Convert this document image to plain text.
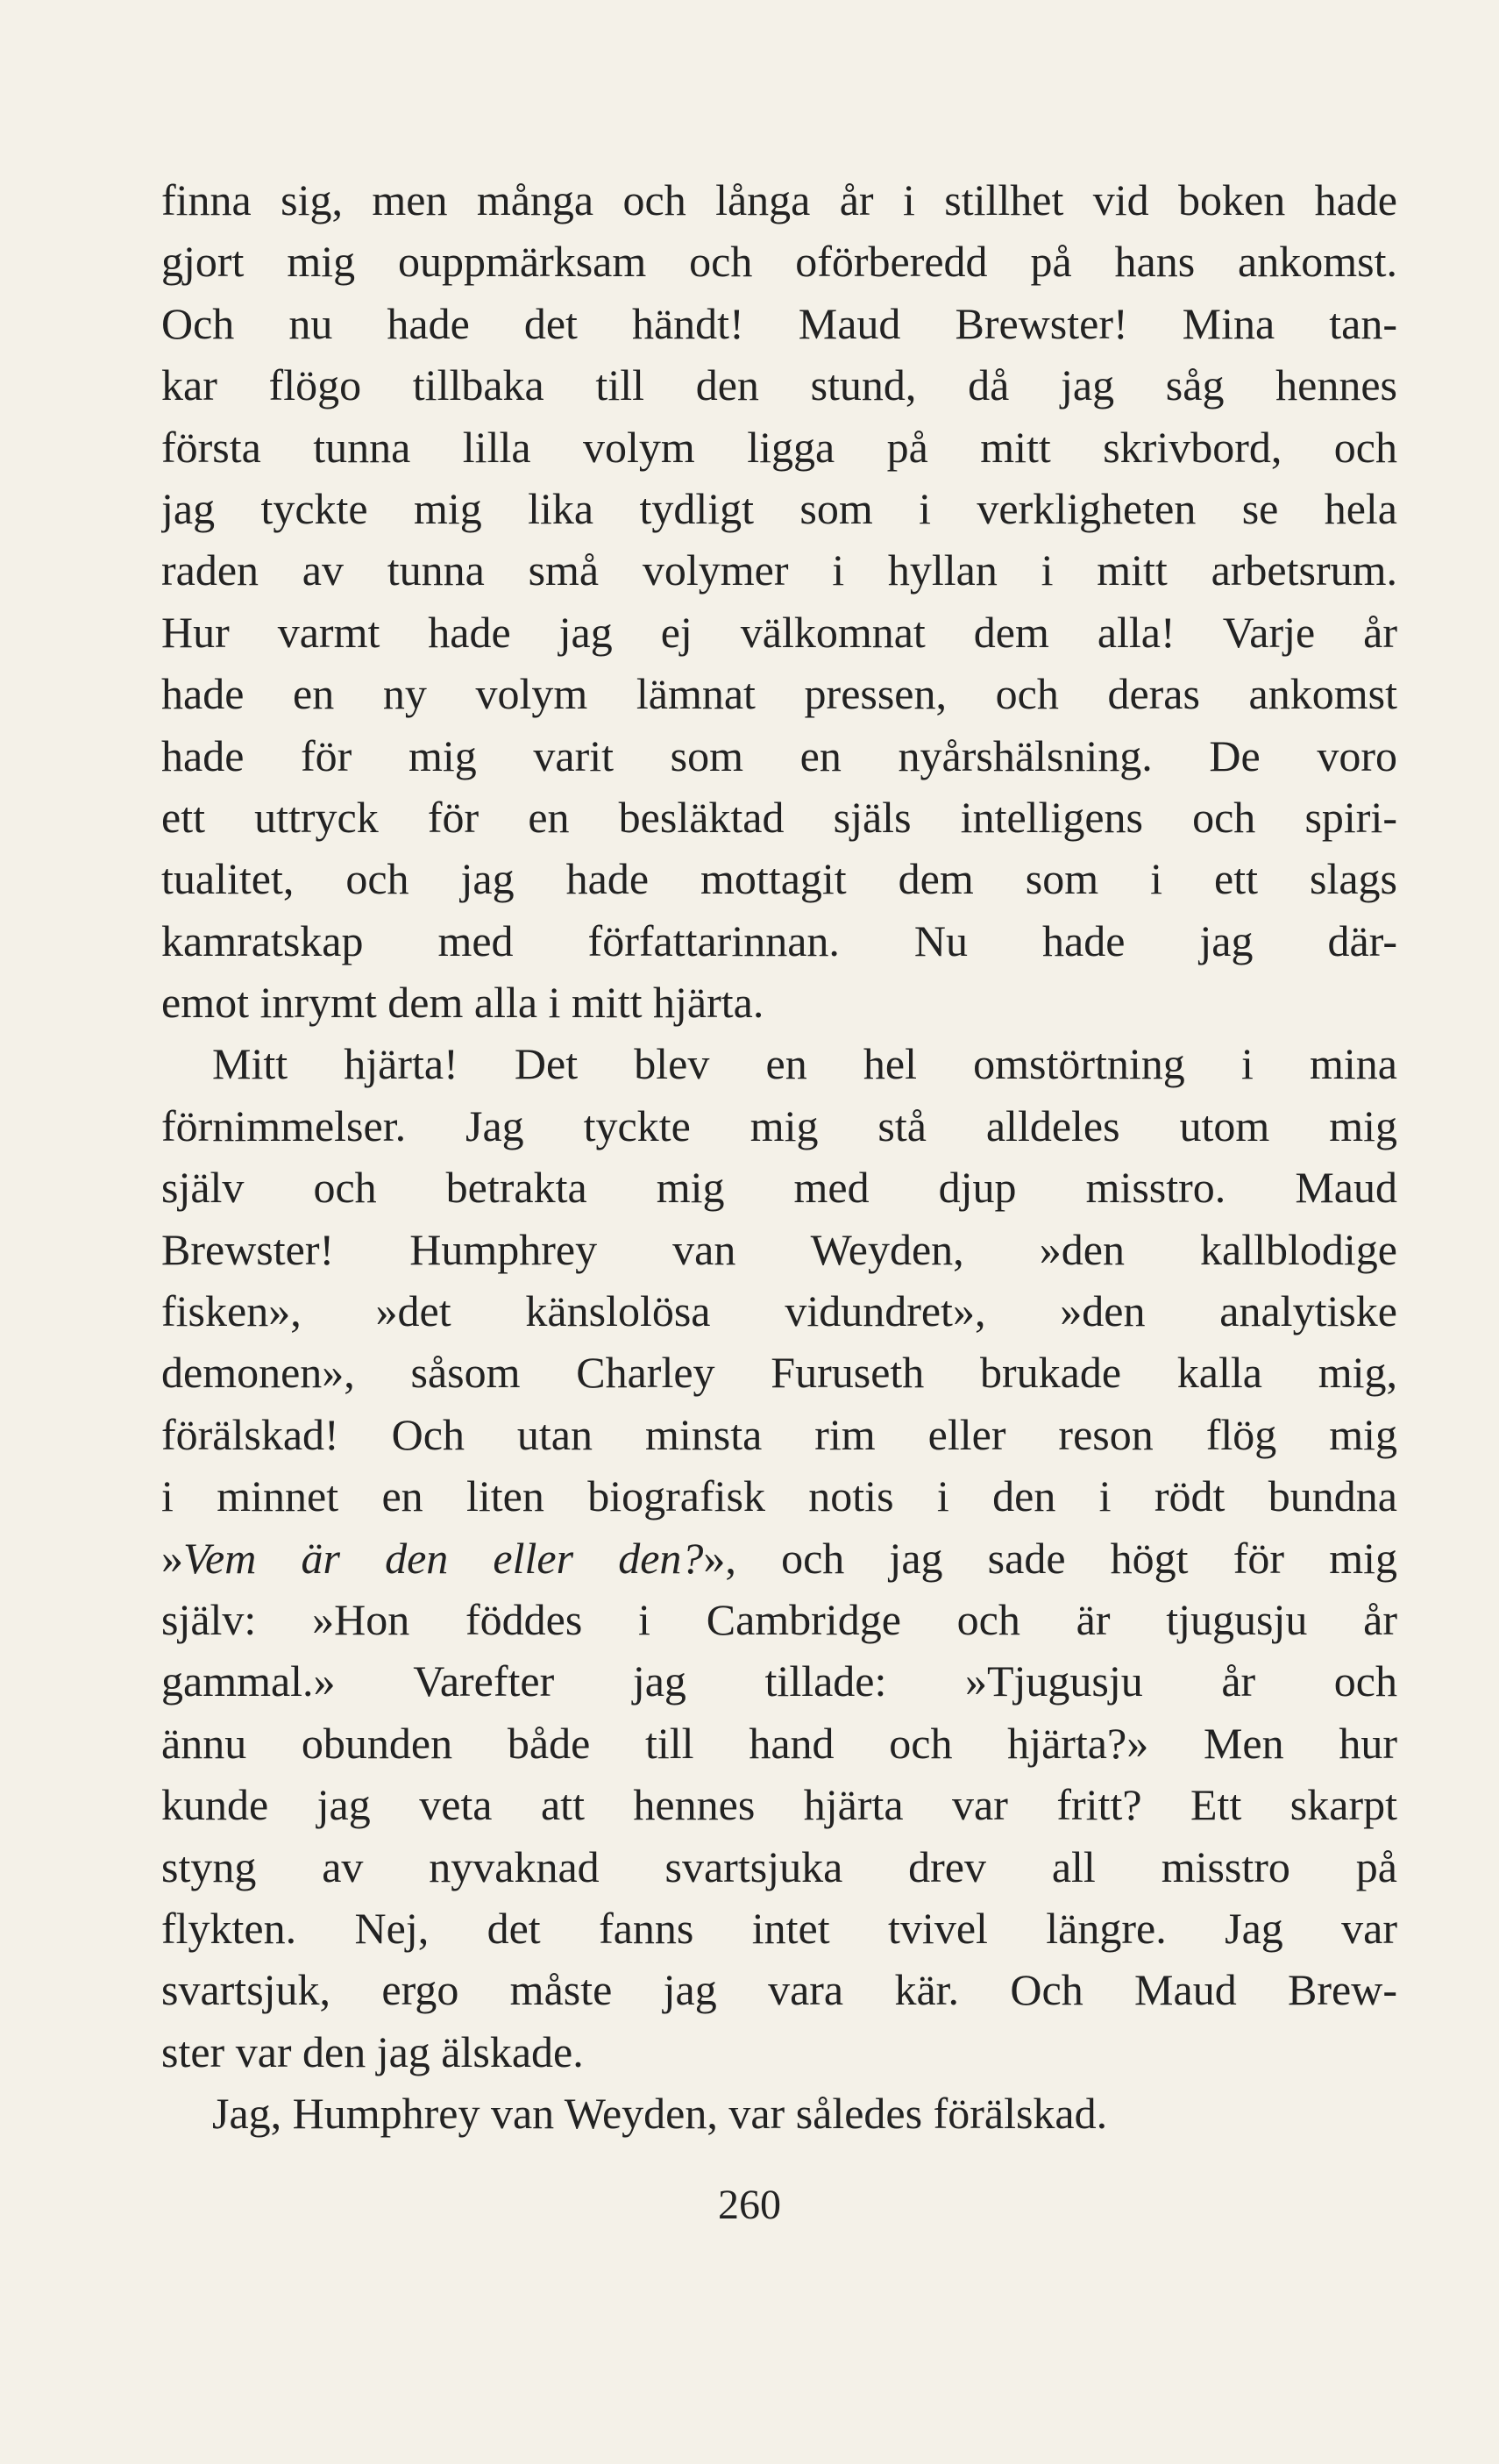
finna sig, men många och långa år i stillhet vid boken hade
gjort mig ouppmärksam och oförberedd på hans ankomst.
Och nu hade det händt! Maud Brewster! Mina tan-
kar flögo tillbaka till den stund, då jag såg hennes
första tunna lilla volym ligga på mitt skrivbord, och
jag tyckte mig lika tydligt som i verkligheten se hela
raden av tunna små volymer i hyllan i mitt arbetsrum.
Hur varmt hade jag ej välkomnat dem alla! Varje år
hade en ny volym lämnat pressen, och deras ankomst
hade för mig varit som en nyårshälsning. De voro
ett uttryck för en besläktad själs intelligens och spiri-
tualitet, och jag hade mottagit dem som i ett slags
kamratskap med författarinnan. Nu hade jag där-
emot inrymt dem alla i mitt hjärta.
Mitt hjärta! Det blev en hel omstörtning i mina
förnimmelser. Jag tyckte mig stå alldeles utom mig
själv och betrakta mig med djup misstro. Maud
Brewster! Humphrey van Weyden, »den kallblodige
fisken», »det känslolösa vidundret», »den analytiske
demonen», såsom Charley Furuseth brukade kalla mig,
förälskad! Och utan minsta rim eller reson flög mig
i minnet en liten biografisk notis i den i rödt bundna
»Vem är den eller den?», och jag sade högt för mig
själv: »Hon föddes i Cambridge och är tjugusju år
gammal.» Varefter jag tillade: »Tjugusju år och
ännu obunden både till hand och hjärta?» Men hur
kunde jag veta att hennes hjärta var fritt? Ett skarpt
styng av nyvaknad svartsjuka drev all misstro på
flykten. Nej, det fanns intet tvivel längre. Jag var
svartsjuk, ergo måste jag vara kär. Och Maud Brew-
ster var den jag älskade.
Jag, Humphrey van Weyden, var således förälskad.
260
